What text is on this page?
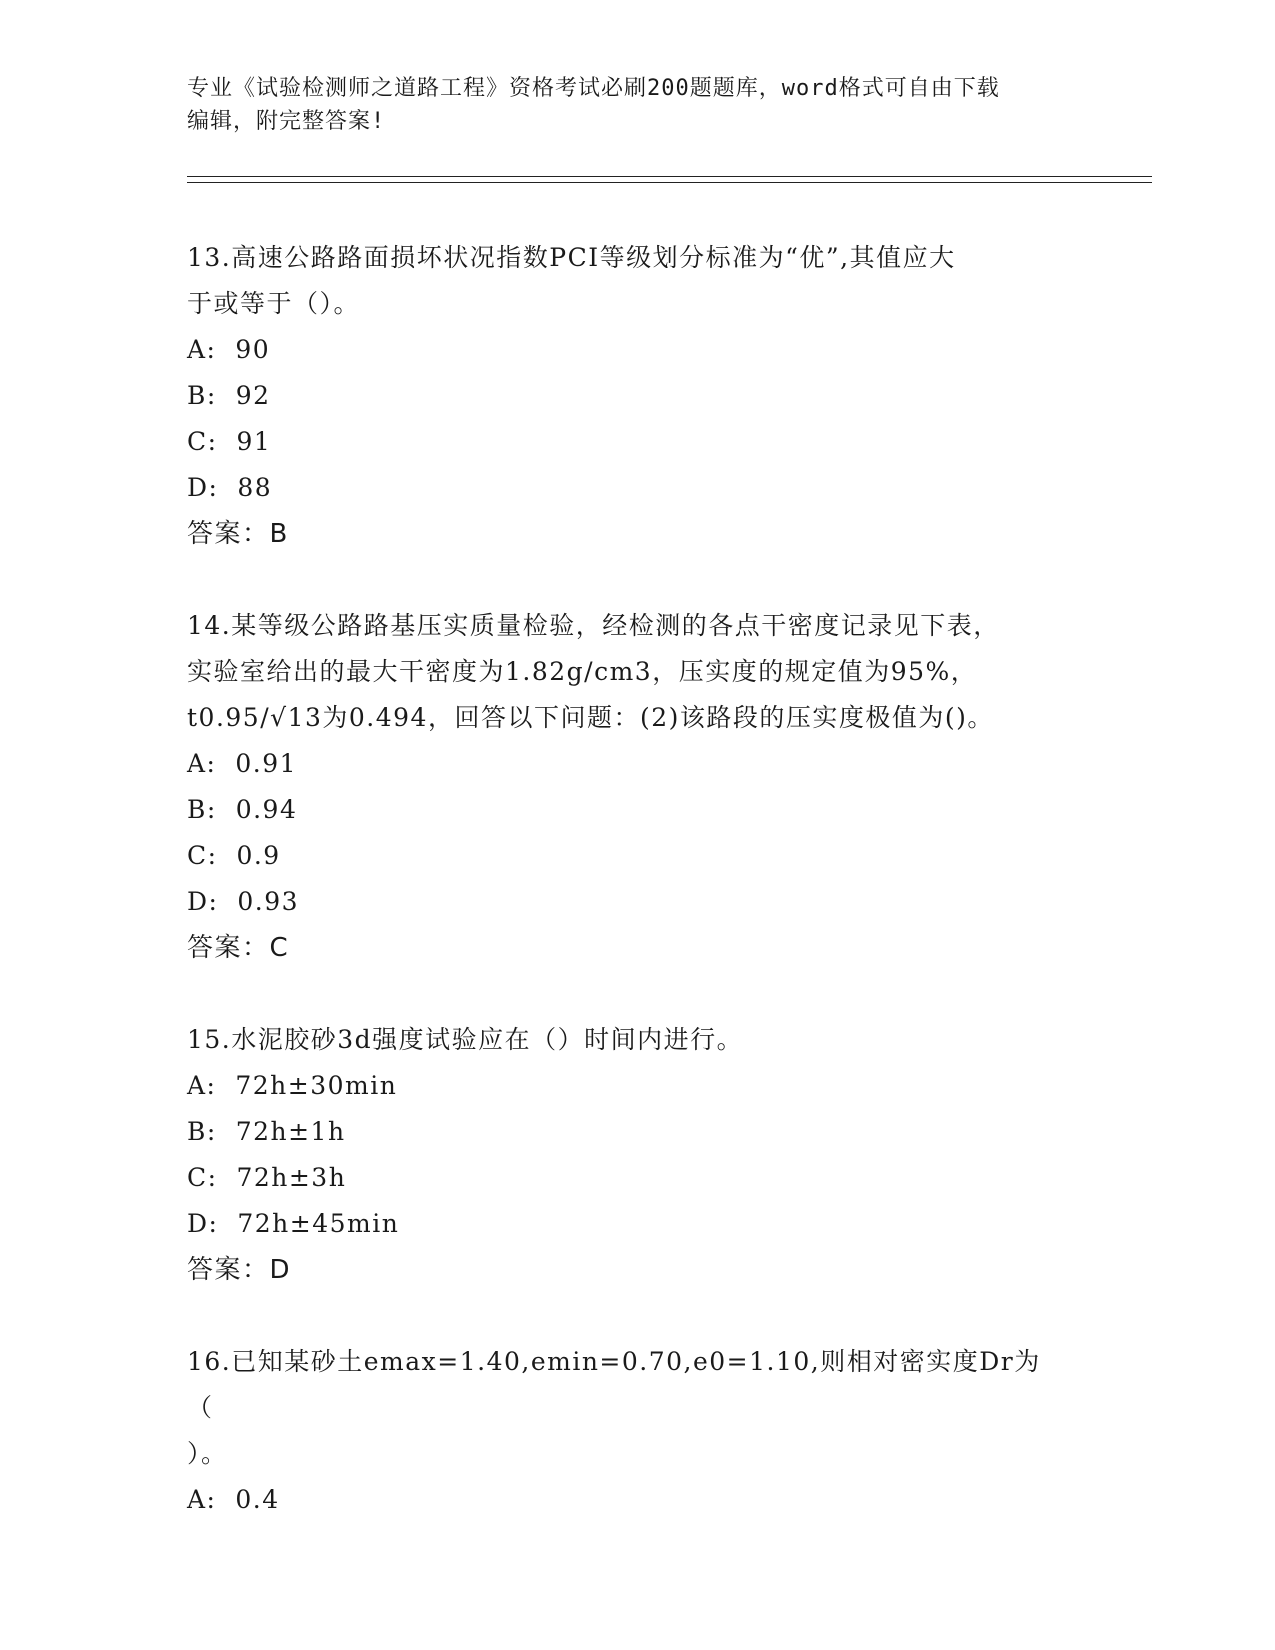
专业《试验检测师之道路工程》资格考试必刷200题题库，word格式可自由下载
编辑，附完整答案!

13.高速公路路面损坏状况指数PCI等级划分标准为“优”,其值应大

于或等于（）。

A:  90

B:  92

C:  91

D:  88

答案：B

14.某等级公路路基压实质量检验，经检测的各点干密度记录见下表，

实验室给出的最大干密度为1.82g/cm3，压实度的规定值为95%，

t0.95/√13为0.494，回答以下问题：(2)该路段的压实度极值为()。

A:  0.91

B:  0.94

C:  0.9

D:  0.93

答案：C

15.水泥胶砂3d强度试验应在（）时间内进行。

A:  72h±30min

B:  72h±1h

C:  72h±3h

D:  72h±45min

答案：D

16.已知某砂土emax=1.40,emin=0.70,e0=1.10,则相对密实度Dr为（

）。

A:  0.4
